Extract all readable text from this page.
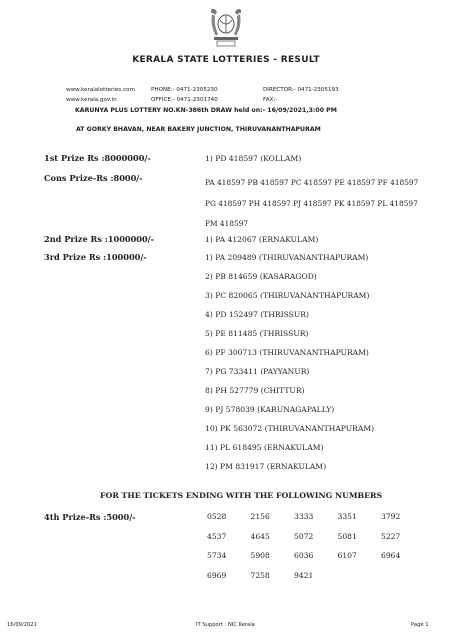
KERALA STATE LOTTERIES - RESULT
www.keralalotteries.com
www.kerala.gov.in
PHONE:- 0471-2305230
OFFICE:- 0471-2301740
DIRECTOR:- 0471-2305193
FAX:-
KARUNYA PLUS LOTTERY NO.KN-386th DRAW held on:- 16/09/2021,3:00 PM
AT GORKY BHAVAN, NEAR BAKERY JUNCTION, THIRUVANANTHAPURAM
1st Prize Rs :8000000/-	1) PD 418597 (KOLLAM)
Cons Prize-Rs :8000/-	PA 418597 PB 418597 PC 418597 PE 418597 PF 418597 PG 418597 PH 418597 PJ 418597 PK 418597 PL 418597 PM 418597
2nd Prize Rs :1000000/-	1) PA 412067 (ERNAKULAM)
3rd Prize Rs :100000/-	1) PA 209489 (THIRUVANANTHAPURAM)
2) PB 814659 (KASARAGOD)
3) PC 820065 (THIRUVANANTHAPURAM)
4) PD 152497 (THRISSUR)
5) PE 811485 (THRISSUR)
6) PF 300713 (THIRUVANANTHAPURAM)
7) PG 733411 (PAYYANUR)
8) PH 527779 (CHITTUR)
9) PJ 578039 (KARUNAGAPALLY)
10) PK 563072 (THIRUVANANTHAPURAM)
11) PL 618495 (ERNAKULAM)
12) PM 831917 (ERNAKULAM)
FOR THE TICKETS ENDING WITH THE FOLLOWING NUMBERS
4th Prize-Rs :5000/-	0528	2156	3333	3351	3792
4537	4645	5072	5081	5227
5734	5908	6036	6107	6964
6969	7258	9421
16/09/2021	IT Support : NIC Kerala	Page 1
